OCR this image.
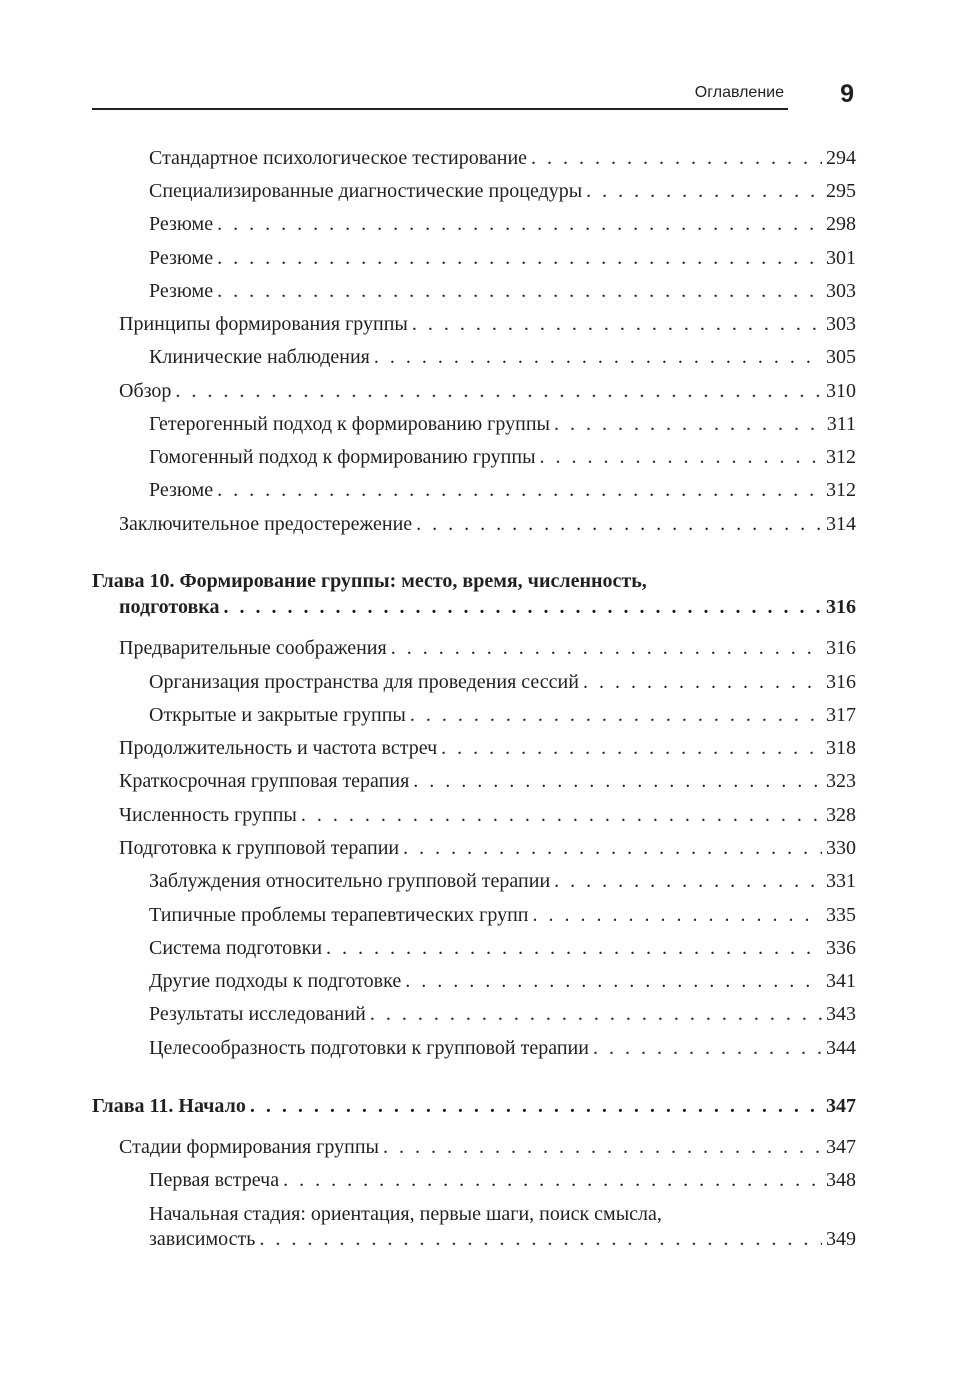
Оглавление 9
Стандартное психологическое тестирование . . .	294
Специализированные диагностические процедуры . . .	295
Резюме . . .	298
Резюме . . .	301
Резюме . . .	303
Принципы формирования группы . . .	303
Клинические наблюдения . . .	305
Обзор . . .	310
Гетерогенный подход к формированию группы . . .	311
Гомогенный подход к формированию группы . . .	312
Резюме . . .	312
Заключительное предостережение . . .	314
Глава 10. Формирование группы: место, время, численность,
подготовка . . .	316
Предварительные соображения . . .	316
Организация пространства для проведения сессий . . .	316
Открытые и закрытые группы . . .	317
Продолжительность и частота встреч . . .	318
Краткосрочная групповая терапия . . .	323
Численность группы . . .	328
Подготовка к групповой терапии . . .	330
Заблуждения относительно групповой терапии . . .	331
Типичные проблемы терапевтических групп . . .	335
Система подготовки . . .	336
Другие подходы к подготовке . . .	341
Результаты исследований . . .	343
Целесообразность подготовки к групповой терапии . . .	344
Глава 11. Начало . . .	347
Стадии формирования группы . . .	347
Первая встреча . . .	348
Начальная стадия: ориентация, первые шаги, поиск смысла,
зависимость . . .	349
